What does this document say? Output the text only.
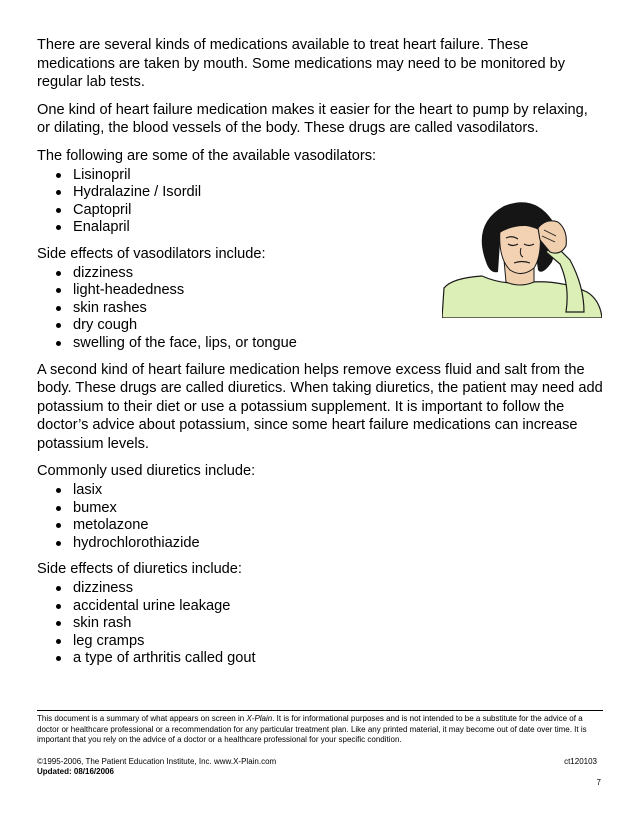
There are several kinds of medications available to treat heart failure. These medications are taken by mouth. Some medications may need to be monitored by regular lab tests.

One kind of heart failure medication makes it easier for the heart to pump by relaxing, or dilating, the blood vessels of the body. These drugs are called vasodilators.

The following are some of the available vasodilators:

Lisinopril
Hydralazine / Isordil
Captopril
Enalapril

Side effects of vasodilators include:

dizziness
light-headedness
skin rashes
dry cough
swelling of the face, lips, or tongue

A second kind of heart failure medication helps remove excess fluid and salt from the body. These drugs are called diuretics. When taking diuretics, the patient may need add potassium to their diet or use a potassium supplement. It is important to follow the doctor’s advice about potassium, since some heart failure medications can increase potassium levels.

Commonly used diuretics include:

lasix
bumex
metolazone
hydrochlorothiazide

Side effects of diuretics include:

dizziness
accidental urine leakage
skin rash
leg cramps
a type of arthritis called gout

This document is a summary of what appears on screen in X-Plain. It is for informational purposes and is not intended to be a substitute for the advice of a doctor or healthcare professional or a recommendation for any particular treatment plan. Like any printed material, it may become out of date over time. It is important that you rely on the advice of a doctor or a healthcare professional for your specific condition.

©1995-2006, The Patient Education Institute, Inc. www.X-Plain.com	ct120103
Updated: 08/16/2006
7
